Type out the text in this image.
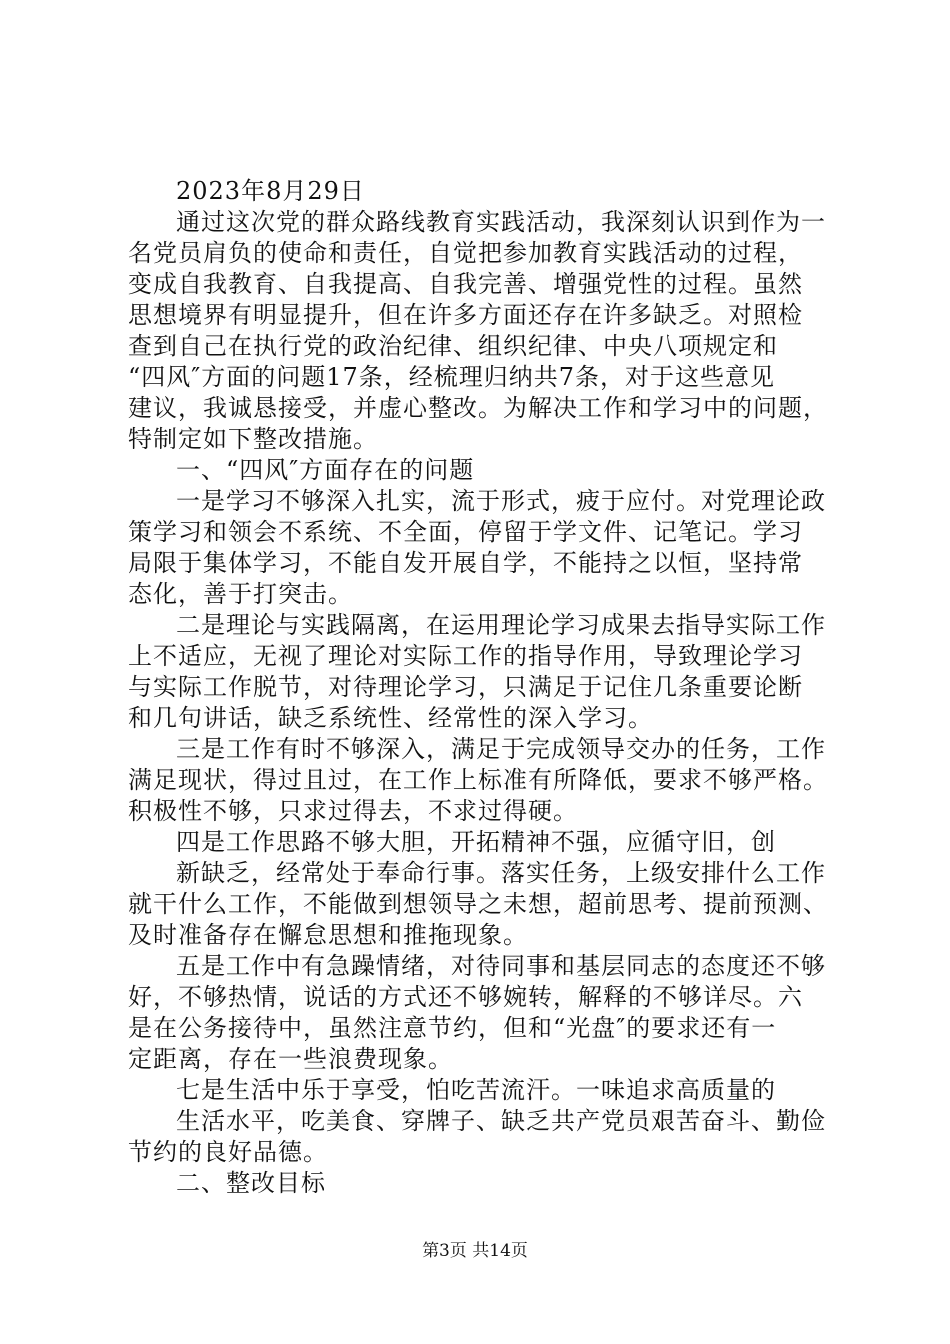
2023年8月29日
通过这次党的群众路线教育实践活动，我深刻认识到作为一
名党员肩负的使命和责任，自觉把参加教育实践活动的过程，
变成自我教育、自我提高、自我完善、增强党性的过程。虽然
思想境界有明显提升，但在许多方面还存在许多缺乏。对照检
查到自己在执行党的政治纪律、组织纪律、中央八项规定和
“四风″方面的问题17条，经梳理归纳共7条，对于这些意见
建议，我诚恳接受，并虚心整改。为解决工作和学习中的问题，
特制定如下整改措施。
一、“四风″方面存在的问题
一是学习不够深入扎实，流于形式，疲于应付。对党理论政
策学习和领会不系统、不全面，停留于学文件、记笔记。学习
局限于集体学习，不能自发开展自学，不能持之以恒，坚持常
态化，善于打突击。
二是理论与实践隔离，在运用理论学习成果去指导实际工作
上不适应，无视了理论对实际工作的指导作用，导致理论学习
与实际工作脱节，对待理论学习，只满足于记住几条重要论断
和几句讲话，缺乏系统性、经常性的深入学习。
三是工作有时不够深入，满足于完成领导交办的任务，工作
满足现状，得过且过，在工作上标准有所降低，要求不够严格。
积极性不够，只求过得去，不求过得硬。
四是工作思路不够大胆，开拓精神不强，应循守旧，创
新缺乏，经常处于奉命行事。落实任务，上级安排什么工作
就干什么工作，不能做到想领导之未想，超前思考、提前预测、
及时准备存在懈怠思想和推拖现象。
五是工作中有急躁情绪，对待同事和基层同志的态度还不够
好，不够热情，说话的方式还不够婉转，解释的不够详尽。六
是在公务接待中，虽然注意节约，但和“光盘″的要求还有一
定距离，存在一些浪费现象。
七是生活中乐于享受，怕吃苦流汗。一味追求高质量的
生活水平，吃美食、穿牌子、缺乏共产党员艰苦奋斗、勤俭
节约的良好品德。
二、整改目标
第3页 共14页
